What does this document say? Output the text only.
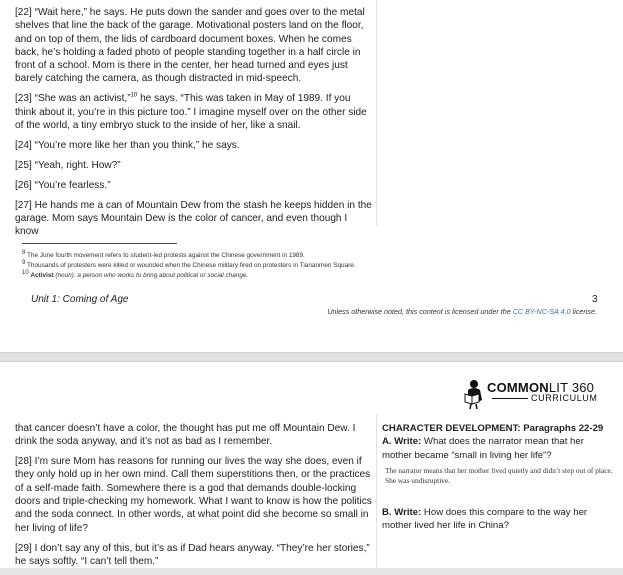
[22] “Wait here,” he says. He puts down the sander and goes over to the metal shelves that line the back of the garage. Motivational posters land on the floor, and on top of them, the lids of cardboard document boxes. When he comes back, he’s holding a faded photo of people standing together in a half circle in front of a school. Mom is there in the center, her head turned and eyes just barely catching the camera, as though distracted in mid-speech.

[23] “She was an activist,”$^{10}$ he says. “This was taken in May of 1989. If you think about it, you’re in this picture too.” I imagine myself over on the other side of the world, a tiny embryo stuck to the inside of her, like a snail.

[24] “You’re more like her than you think,” he says.

[25] “Yeah, right. How?”

[26] “You’re fearless.”

[27] He hands me a can of Mountain Dew from the stash he keeps hidden in the garage. Mom says Mountain Dew is the color of cancer, and even though I know

$^8$ The June fourth movement refers to student-led protests against the Chinese government in 1989.
$^9$ Thousands of protesters were killed or wounded when the Chinese military fired on protesters in Tiananmen Square.
$^{10}$ Activist (noun): a person who works to bring about political or social change.
Unit 1: Coming of Age	3
Unless otherwise noted, this content is licensed under the CC BY-NC-SA 4.0 license.
COMMONLIT 360
CURRICULUM

that cancer doesn’t have a color, the thought has put me off Mountain Dew. I drink the soda anyway, and it’s not as bad as I remember.

[28] I’m sure Mom has reasons for running our lives the way she does, even if they only hold up in her own mind. Call them superstitions then, or the practices of a self-made faith. Somewhere there is a god that demands double-locking doors and triple-checking my homework. What I want to know is how the politics and the soda connect. In other words, at what point did she become so small in her living of life?

[29] I don’t say any of this, but it’s as if Dad hears anyway. “They’re her stories,” he says softly. “I can’t tell them.”

CHARACTER DEVELOPMENT: Paragraphs 22-29
A. Write: What does the narrator mean that her mother became “small in living her life”?
The narrator means that her mother lived quietly and didn’t step out of place. She was undisruptive.
B. Write: How does this compare to the way her mother lived her life in China?
